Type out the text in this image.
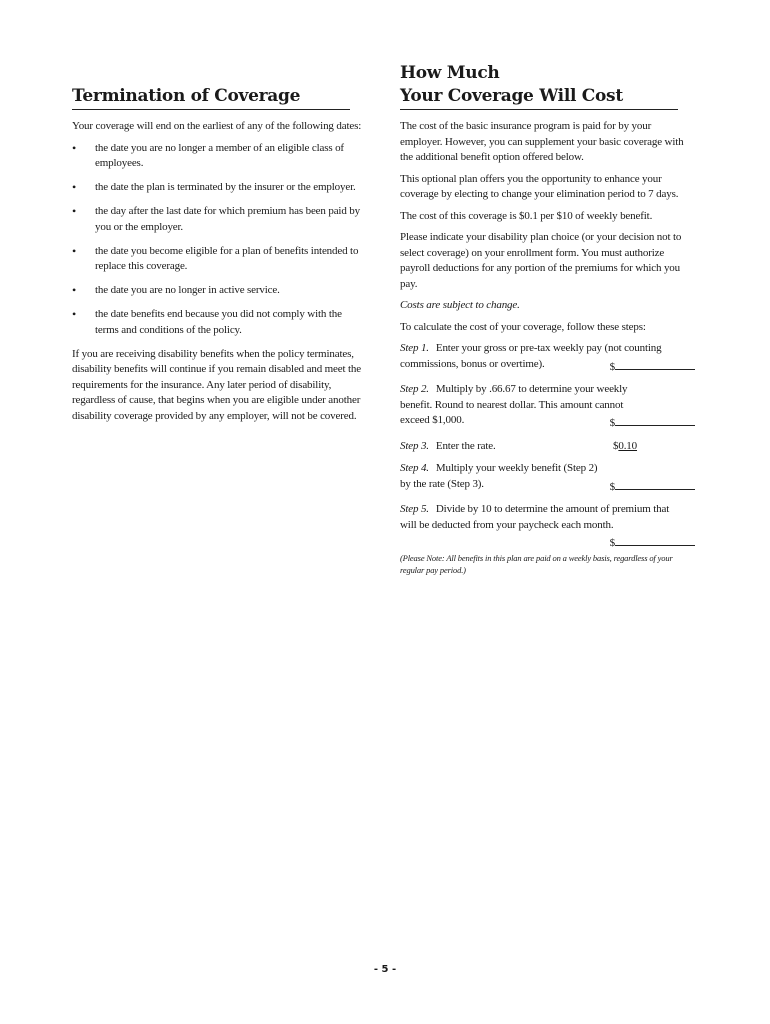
Termination of Coverage

Your coverage will end on the earliest of any of the following dates:

• the date you are no longer a member of an eligible class of employees.
• the date the plan is terminated by the insurer or the employer.
• the day after the last date for which premium has been paid by you or the employer.
• the date you become eligible for a plan of benefits intended to replace this coverage.
• the date you are no longer in active service.
• the date benefits end because you did not comply with the terms and conditions of the policy.

If you are receiving disability benefits when the policy terminates, disability benefits will continue if you remain disabled and meet the requirements for the insurance. Any later period of disability, regardless of cause, that begins when you are eligible under another disability coverage provided by any employer, will not be covered.

How Much
Your Coverage Will Cost

The cost of the basic insurance program is paid for by your employer. However, you can supplement your basic coverage with the additional benefit option offered below.

This optional plan offers you the opportunity to enhance your coverage by electing to change your elimination period to 7 days.

The cost of this coverage is $0.1 per $10 of weekly benefit.

Please indicate your disability plan choice (or your decision not to select coverage) on your enrollment form. You must authorize payroll deductions for any portion of the premiums for which you pay.

Costs are subject to change.

To calculate the cost of your coverage, follow these steps:

Step 1. Enter your gross or pre-tax weekly pay (not counting
commissions, bonus or overtime).	$
Step 2. Multiply by .66.67 to determine your weekly
benefit. Round to nearest dollar. This amount cannot
exceed $1,000.	$
Step 3. Enter the rate.	$0.10
Step 4. Multiply your weekly benefit (Step 2)
by the rate (Step 3).	$
Step 5. Divide by 10 to determine the amount of premium that
will be deducted from your paycheck each month.
$

(Please Note: All benefits in this plan are paid on a weekly basis, regardless of your regular pay period.)

- 5 -
